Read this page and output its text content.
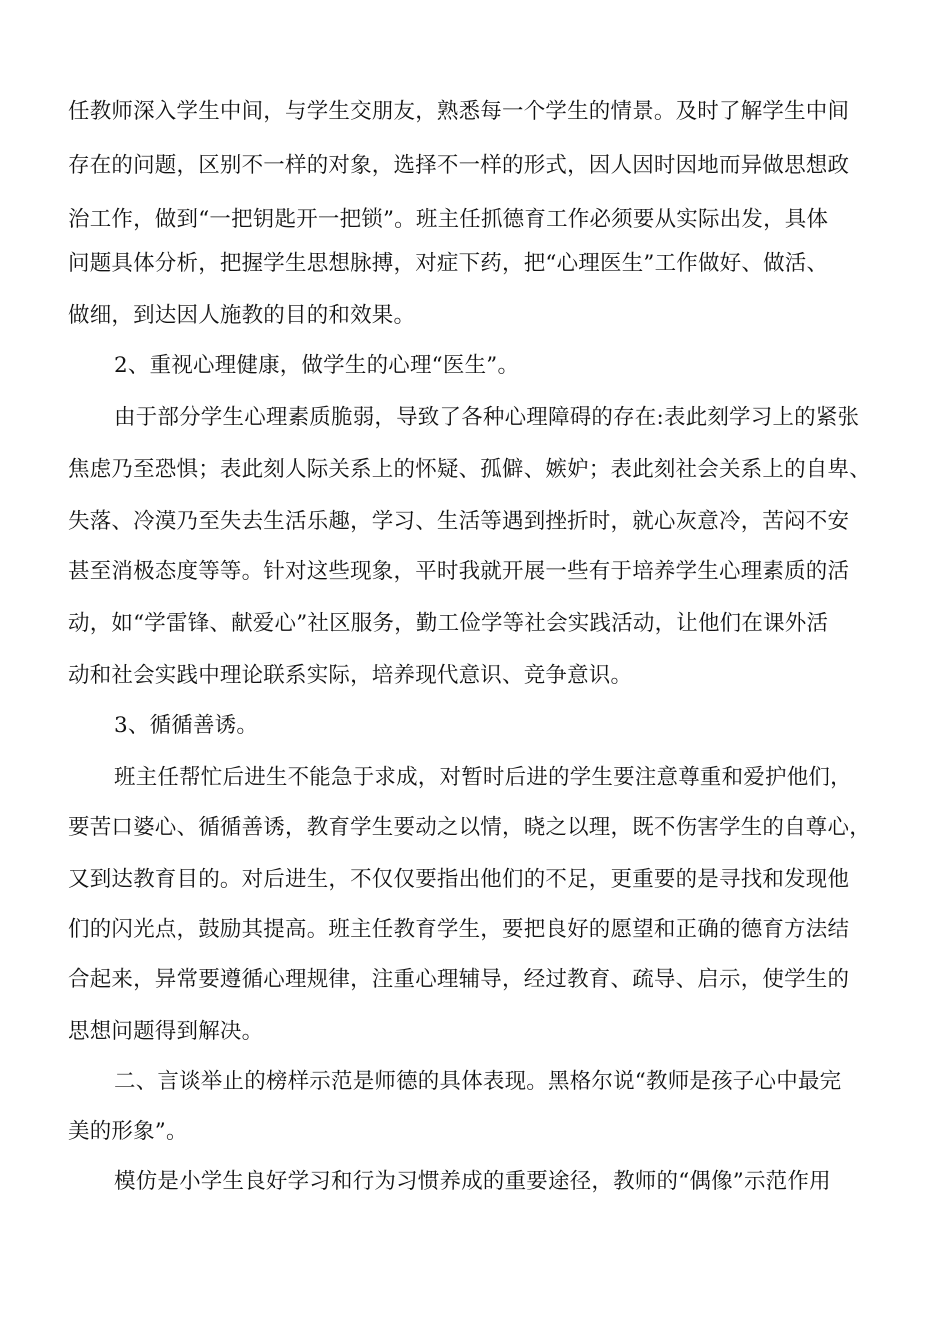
任教师深入学生中间，与学生交朋友，熟悉每一个学生的情景。及时了解学生中间
存在的问题，区别不一样的对象，选择不一样的形式，因人因时因地而异做思想政
治工作，做到“一把钥匙开一把锁”。班主任抓德育工作必须要从实际出发，具体
问题具体分析，把握学生思想脉搏，对症下药，把“心理医生”工作做好、做活、
做细，到达因人施教的目的和效果。
2、重视心理健康，做学生的心理“医生”。
由于部分学生心理素质脆弱，导致了各种心理障碍的存在:表此刻学习上的紧张
焦虑乃至恐惧；表此刻人际关系上的怀疑、孤僻、嫉妒；表此刻社会关系上的自卑、
失落、冷漠乃至失去生活乐趣，学习、生活等遇到挫折时，就心灰意冷，苦闷不安
甚至消极态度等等。针对这些现象，平时我就开展一些有于培养学生心理素质的活
动，如“学雷锋、献爱心”社区服务，勤工俭学等社会实践活动，让他们在课外活
动和社会实践中理论联系实际，培养现代意识、竞争意识。
3、循循善诱。
班主任帮忙后进生不能急于求成，对暂时后进的学生要注意尊重和爱护他们，
要苦口婆心、循循善诱，教育学生要动之以情，晓之以理，既不伤害学生的自尊心，
又到达教育目的。对后进生，不仅仅要指出他们的不足，更重要的是寻找和发现他
们的闪光点，鼓励其提高。班主任教育学生，要把良好的愿望和正确的德育方法结
合起来，异常要遵循心理规律，注重心理辅导，经过教育、疏导、启示，使学生的
思想问题得到解决。
二、言谈举止的榜样示范是师德的具体表现。黑格尔说“教师是孩子心中最完
美的形象”。
模仿是小学生良好学习和行为习惯养成的重要途径，教师的“偶像”示范作用
